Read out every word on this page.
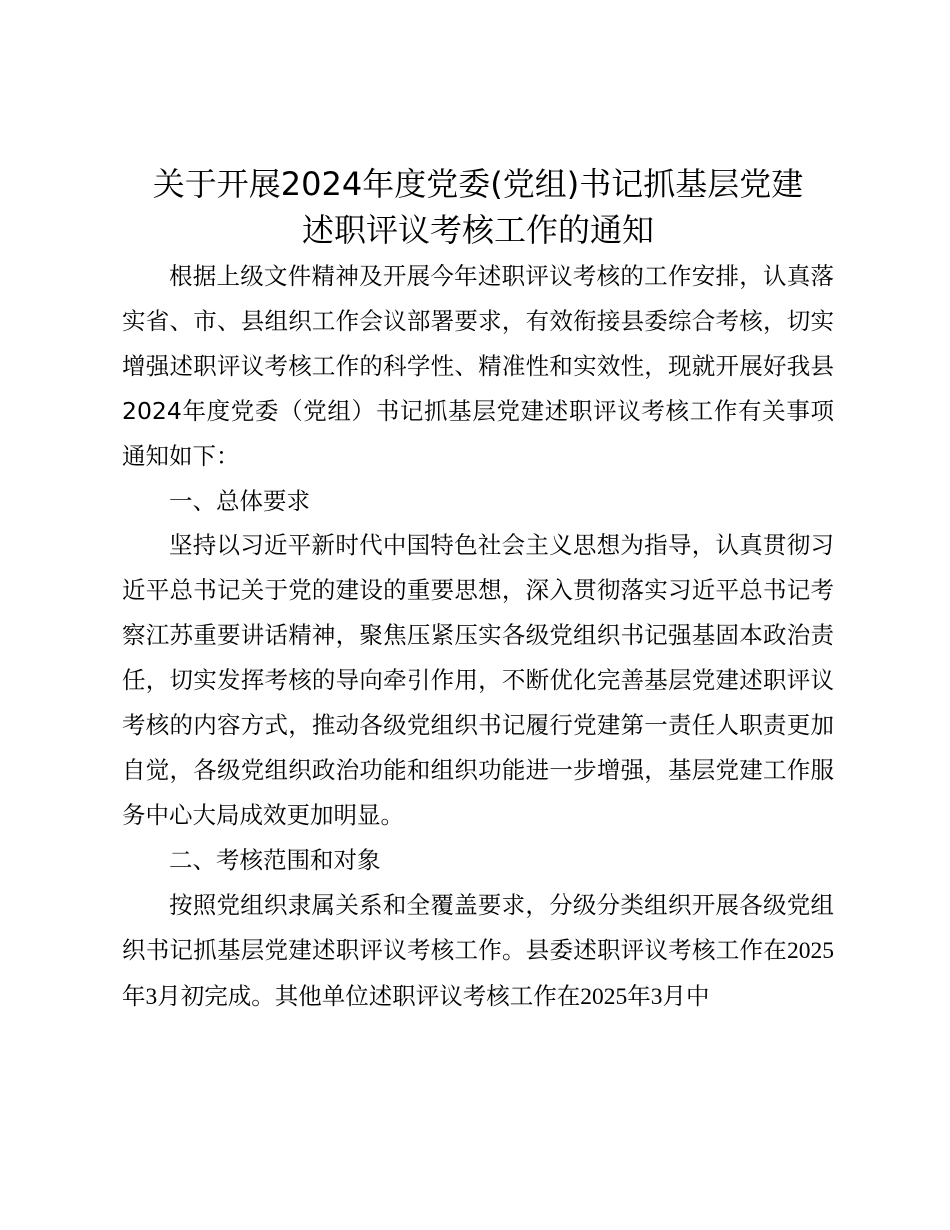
关于开展2024年度党委(党组)书记抓基层党建
述职评议考核工作的通知

根据上级文件精神及开展今年述职评议考核的工作安排，认真落实省、市、县组织工作会议部署要求，有效衔接县委综合考核，切实增强述职评议考核工作的科学性、精准性和实效性，现就开展好我县2024年度党委（党组）书记抓基层党建述职评议考核工作有关事项通知如下：

一、总体要求

坚持以习近平新时代中国特色社会主义思想为指导，认真贯彻习近平总书记关于党的建设的重要思想，深入贯彻落实习近平总书记考察江苏重要讲话精神，聚焦压紧压实各级党组织书记强基固本政治责任，切实发挥考核的导向牵引作用，不断优化完善基层党建述职评议考核的内容方式，推动各级党组织书记履行党建第一责任人职责更加自觉，各级党组织政治功能和组织功能进一步增强，基层党建工作服务中心大局成效更加明显。

二、考核范围和对象

按照党组织隶属关系和全覆盖要求，分级分类组织开展各级党组织书记抓基层党建述职评议考核工作。县委述职评议考核工作在2025年3月初完成。其他单位述职评议考核工作在2025年3月中
